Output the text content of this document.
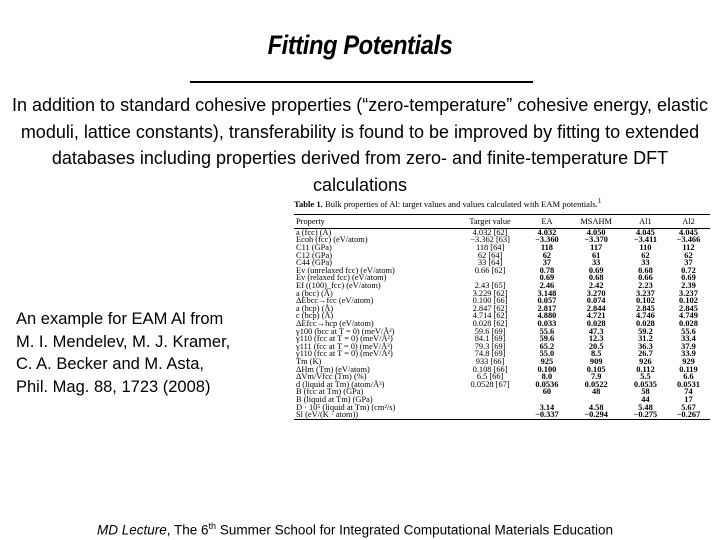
Fitting Potentials
In addition to standard cohesive properties (“zero-temperature” cohesive energy, elastic moduli, lattice constants), transferability is found to be improved by fitting to extended databases including properties derived from zero- and finite-temperature DFT calculations
An example for EAM Al from
M. I. Mendelev, M. J. Kramer,
C. A. Becker and M. Asta,
Phil. Mag. 88, 1723 (2008)
Table 1. Bulk properties of Al: target values and values calculated with EAM potentials.$^1$
Property	Target value	EA	MSAHM	Al1	Al2
a (fcc) (Å)	4.032 [62]	4.032	4.050	4.045	4.045
Ecoh (fcc) (eV/atom)	−3.362 [63]	−3.360	−3.370	−3.411	−3.466
C11 (GPa)	118 [64]	118	117	110	112
C12 (GPa)	62 [64]	62	61	62	62
C44 (GPa)	33 [64]	37	33	33	37
Ev (unrelaxed fcc) (eV/atom)	0.66 [62]	0.78	0.69	0.68	0.72
Ev (relaxed fcc) (eV/atom)		0.69	0.68	0.66	0.69
Ef ((100)_fcc) (eV/atom)	2.43 [65]	2.46	2.42	2.23	2.39
a (bcc) (Å)	3.229 [62]	3.148	3.270	3.237	3.237
ΔEbcc→fcc (eV/atom)	0.100 [66]	0.057	0.074	0.102	0.102
a (hcp) (Å)	2.847 [62]	2.817	2.844	2.845	2.845
c (hcp) (Å)	4.714 [62]	4.880	4.721	4.746	4.749
ΔEfcc→hcp (eV/atom)	0.028 [62]	0.033	0.028	0.028	0.028
γ100 (bcc at T = 0) (meV/Å²)	59.6 [69]	55.6	47.3	59.2	55.6
γ110 (fcc at T = 0) (meV/Å²)	84.1 [69]	59.6	12.3	31.2	33.4
γ111 (fcc at T = 0) (meV/Å²)	79.3 [69]	65.2	20.5	36.3	37.9
γ110 (fcc at T = 0) (meV/Å²)	74.8 [69]	55.0	8.5	26.7	33.9
Tm (K)	933 [66]	925	909	926	929
ΔHm (Tm) (eV/atom)	0.108 [66]	0.100	0.105	0.112	0.119
ΔVm/Vfcc (Tm) (%)	6.5 [66]	8.0	7.9	5.5	6.6
d (liquid at Tm) (atom/Å³)	0.0528 [67]	0.0536	0.0522	0.0535	0.0531
B (fcc at Tm) (GPa)		60	48	58	74
B (liquid at Tm) (GPa)				44	17
D · 10⁵ (liquid at Tm) (cm²/s)		3.14	4.58	5.48	5.67
Sl (eV/(K · atom))		−0.337	−0.294	−0.275	−0.267
MD Lecture, The 6th Summer School for Integrated Computational Materials Education
